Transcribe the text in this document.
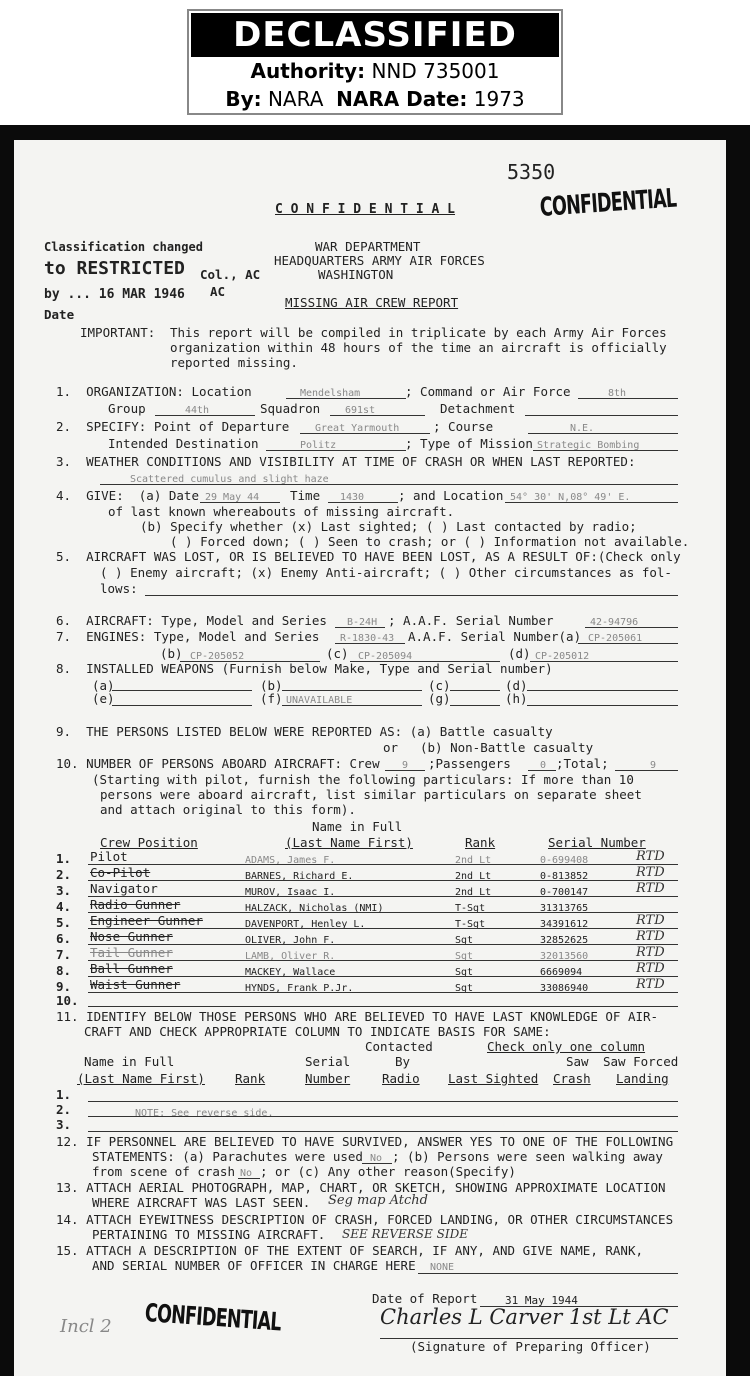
DECLASSIFIED
Authority: NND 735001
By: NARA NARA Date: 1973
5350
C O N F I D E N T I A L	CONFIDENTIAL
Classification changed
to RESTRICTED
by ... 16 MAR 1946
Col., AC
AC
Date
WAR DEPARTMENT
HEADQUARTERS ARMY AIR FORCES
WASHINGTON
MISSING AIR CREW REPORT
IMPORTANT: This report will be compiled in triplicate by each Army Air Forces
organization within 48 hours of the time an aircraft is officially
reported missing.
1.  ORGANIZATION: Location	Mendelsham	; Command or Air Force	8th
Group	44th	Squadron 691st	Detachment
2.  SPECIFY: Point of Departure	Great Yarmouth	; Course	N.E.
Intended Destination	Politz	; Type of Mission Strategic Bombing
3.  WEATHER CONDITIONS AND VISIBILITY AT TIME OF CRASH OR WHEN LAST REPORTED:
Scattered cumulus and slight haze
4.  GIVE:  (a) Date 29 May 44 Time 1430	; and Location 54° 30' N,08° 49' E.
of last known whereabouts of missing aircraft.
(b) Specify whether (x) Last sighted; ( ) Last contacted by radio;
( ) Forced down; ( ) Seen to crash; or ( ) Information not available.
5.  AIRCRAFT WAS LOST, OR IS BELIEVED TO HAVE BEEN LOST, AS A RESULT OF:(Check only
( ) Enemy aircraft; (x) Enemy Anti-aircraft; ( ) Other circumstances as fol-
lows:
6.  AIRCRAFT: Type, Model and Series B-24H ; A.A.F. Serial Number	42-94796
7.  ENGINES: Type, Model and Series R-1830-43 A.A.F. Serial Number(a) CP-205061
(b) CP-205052	(c) CP-205094	(d) CP-205012
8.  INSTALLED WEAPONS (Furnish below Make, Type and Serial number)
(a)	(b)	(c)	(d)
(e)	(f) UNAVAILABLE	(g)	(h)
9.  THE PERSONS LISTED BELOW WERE REPORTED AS: (a) Battle casualty
or (b) Non-Battle casualty
10. NUMBER OF PERSONS ABOARD AIRCRAFT: Crew 9 ;Passengers	0 ;Total;	9
(Starting with pilot, furnish the following particulars: If more than 10
persons were aboard aircraft, list similar particulars on separate sheet
and attach original to this form).
Crew Position
Name in Full
(Last Name First)	Rank	Serial Number
1. Pilot	ADAMS, James F.	2nd Lt	0-699408	RTD
2. Co-Pilot	BARNES, Richard E.	2nd Lt	0-813852	RTD
3. Navigator	MUROV, Isaac I.	2nd Lt	0-700147	RTD
4. Radio Gunner	HALZACK, Nicholas (NMI)	T-Sgt	31313765
5. Engineer Gunner	DAVENPORT, Henley L.	T-Sgt	34391612	RTD
6. Nose Gunner	OLIVER, John F.	Sgt	32852625	RTD
7. Tail Gunner	LAMB, Oliver R.	Sgt	32013560	RTD
8. Ball Gunner	MACKEY, Wallace	Sgt	6669094	RTD
9. Waist Gunner	HYNDS, Frank P.Jr.	Sgt	33086940	RTD
10.
11. IDENTIFY BELOW THOSE PERSONS WHO ARE BELIEVED TO HAVE LAST KNOWLEDGE OF AIR-
CRAFT AND CHECK APPROPRIATE COLUMN TO INDICATE BASIS FOR SAME:
Contacted	Check only one column
Name in Full
(Last Name First) Rank
Serial
Number
By
Radio Last Sighted
Saw
Crash
Saw Forced
Landing
1.
2.
3.
NOTE: See reverse side.
12. IF PERSONNEL ARE BELIEVED TO HAVE SURVIVED, ANSWER YES TO ONE OF THE FOLLOWING
STATEMENTS: (a) Parachutes were used No ; (b) Persons were seen walking away
from scene of crash No ; or (c) Any other reason(Specify)
13. ATTACH AERIAL PHOTOGRAPH, MAP, CHART, OR SKETCH, SHOWING APPROXIMATE LOCATION
WHERE AIRCRAFT WAS LAST SEEN. Seg map Atchd
14. ATTACH EYEWITNESS DESCRIPTION OF CRASH, FORCED LANDING, OR OTHER CIRCUMSTANCES
PERTAINING TO MISSING AIRCRAFT. SEE REVERSE SIDE
15. ATTACH A DESCRIPTION OF THE EXTENT OF SEARCH, IF ANY, AND GIVE NAME, RANK,
AND SERIAL NUMBER OF OFFICER IN CHARGE HERE NONE
Date of Report	31 May 1944
Charles L Carver 1st Lt AC
(Signature of Preparing Officer)
Incl 2 CONFIDENTIAL
